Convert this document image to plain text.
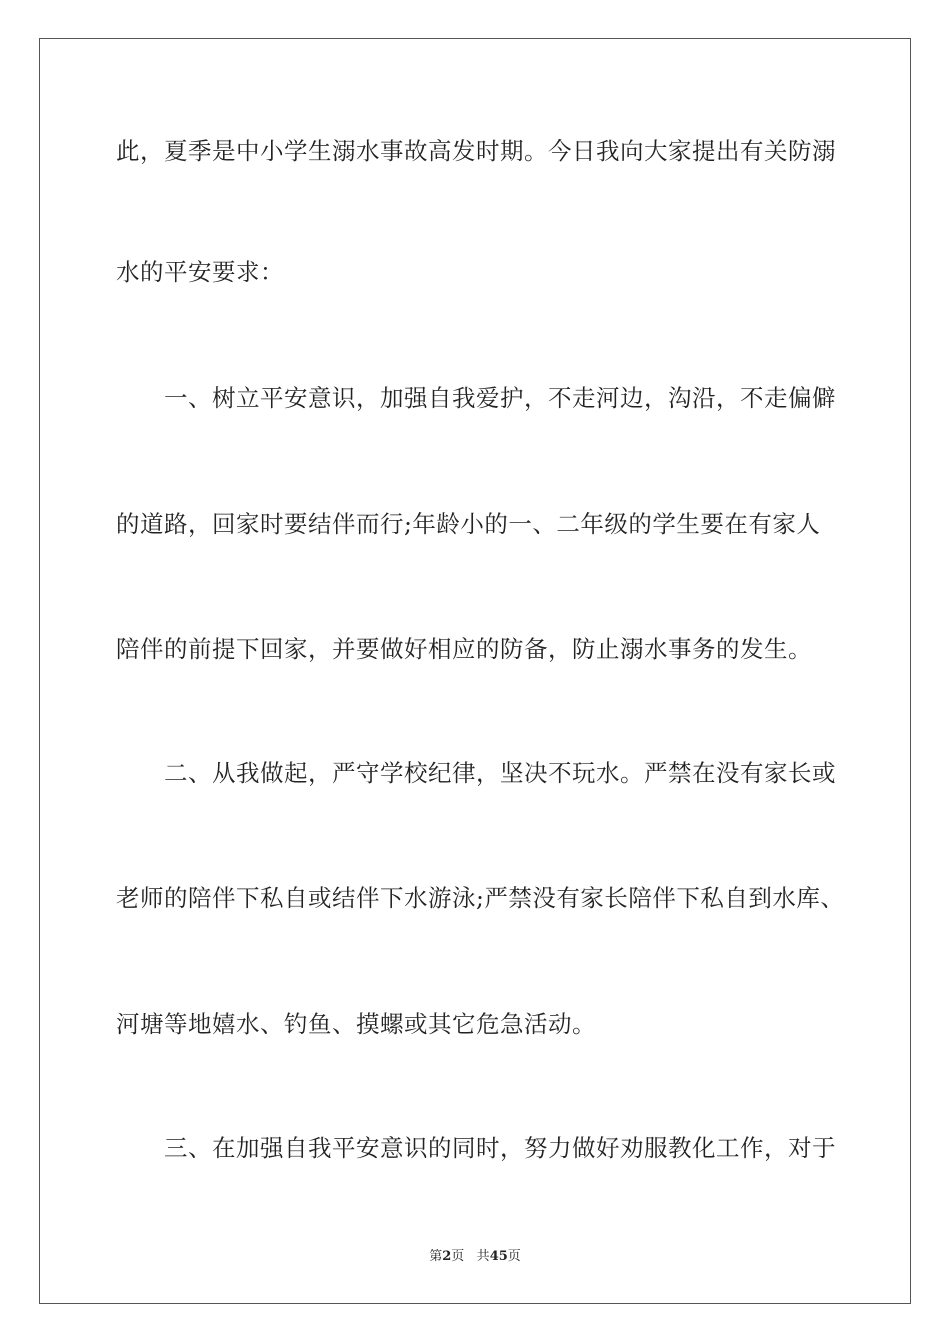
此，夏季是中小学生溺水事故高发时期。今日我向大家提出有关防溺
水的平安要求：
一、树立平安意识，加强自我爱护，不走河边，沟沿，不走偏僻
的道路，回家时要结伴而行;年龄小的一、二年级的学生要在有家人
陪伴的前提下回家，并要做好相应的防备，防止溺水事务的发生。
二、从我做起，严守学校纪律，坚决不玩水。严禁在没有家长或
老师的陪伴下私自或结伴下水游泳;严禁没有家长陪伴下私自到水库、
河塘等地嬉水、钓鱼、摸螺或其它危急活动。
三、在加强自我平安意识的同时，努力做好劝服教化工作，对于
第2页 共45页
